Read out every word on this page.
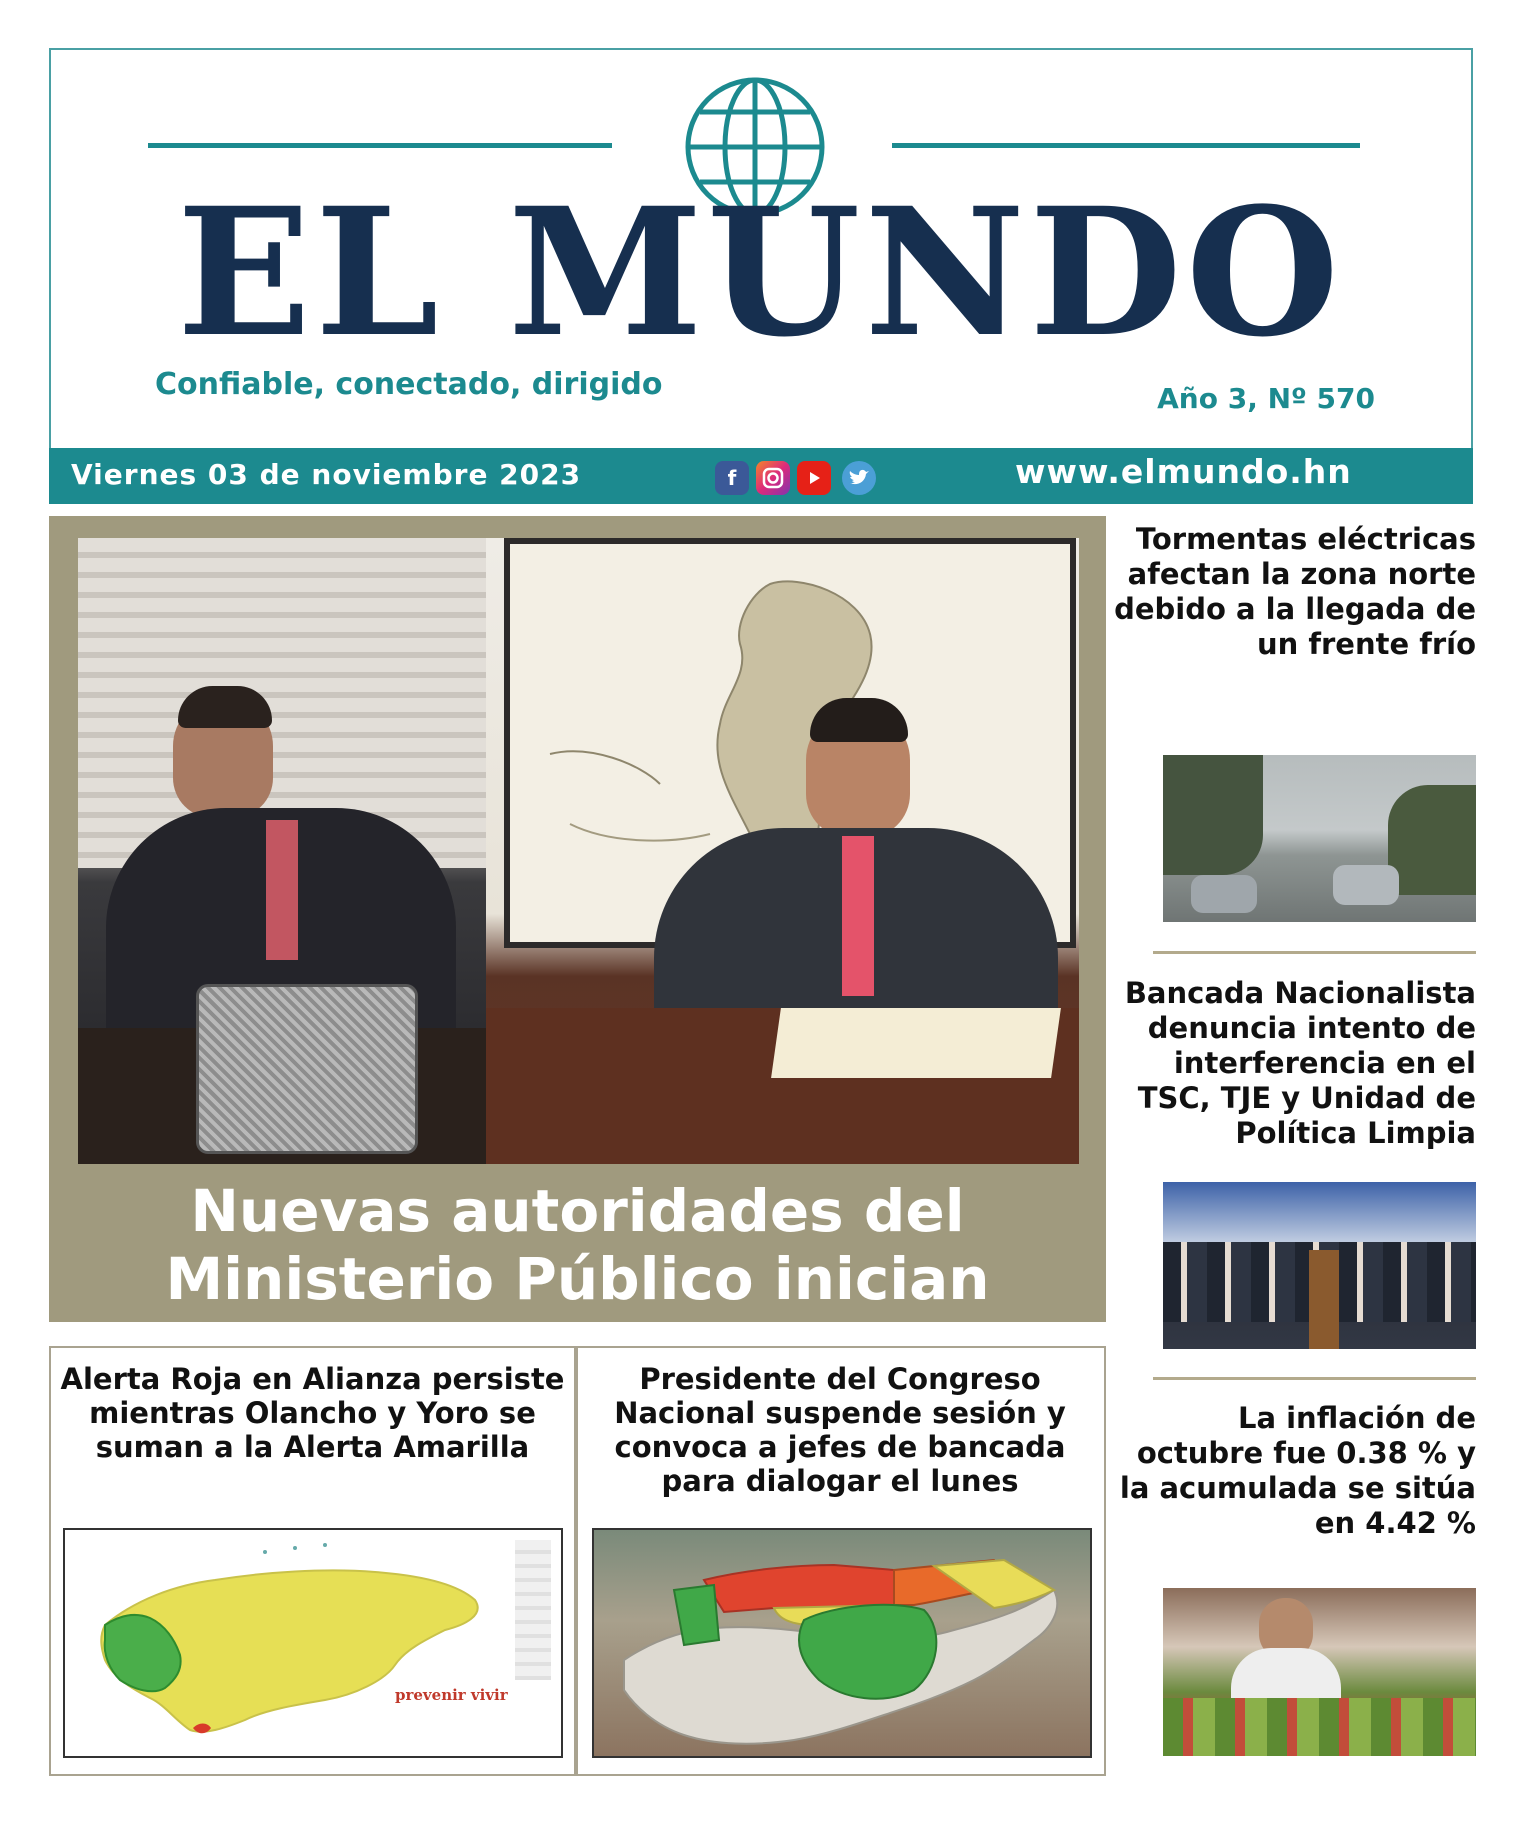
EL MUNDO
Confiable, conectado, dirigido	Año 3, Nº 570
Viernes 03 de noviembre 2023	f	www.elmundo.hn
Nuevas autoridades del Ministerio Público inician labores
Tormentas eléctricas afectan la zona norte debido a la llegada de un frente frío
Bancada Nacionalista denuncia intento de interferencia en el TSC, TJE y Unidad de Política Limpia
La inflación de octubre fue 0.38 % y la acumulada se sitúa en 4.42 %
Alerta Roja en Alianza persiste mientras Olancho y Yoro se suman a la Alerta Amarilla
prevenir vivir
Presidente del Congreso Nacional suspende sesión y convoca a jefes de bancada para dialogar el lunes
